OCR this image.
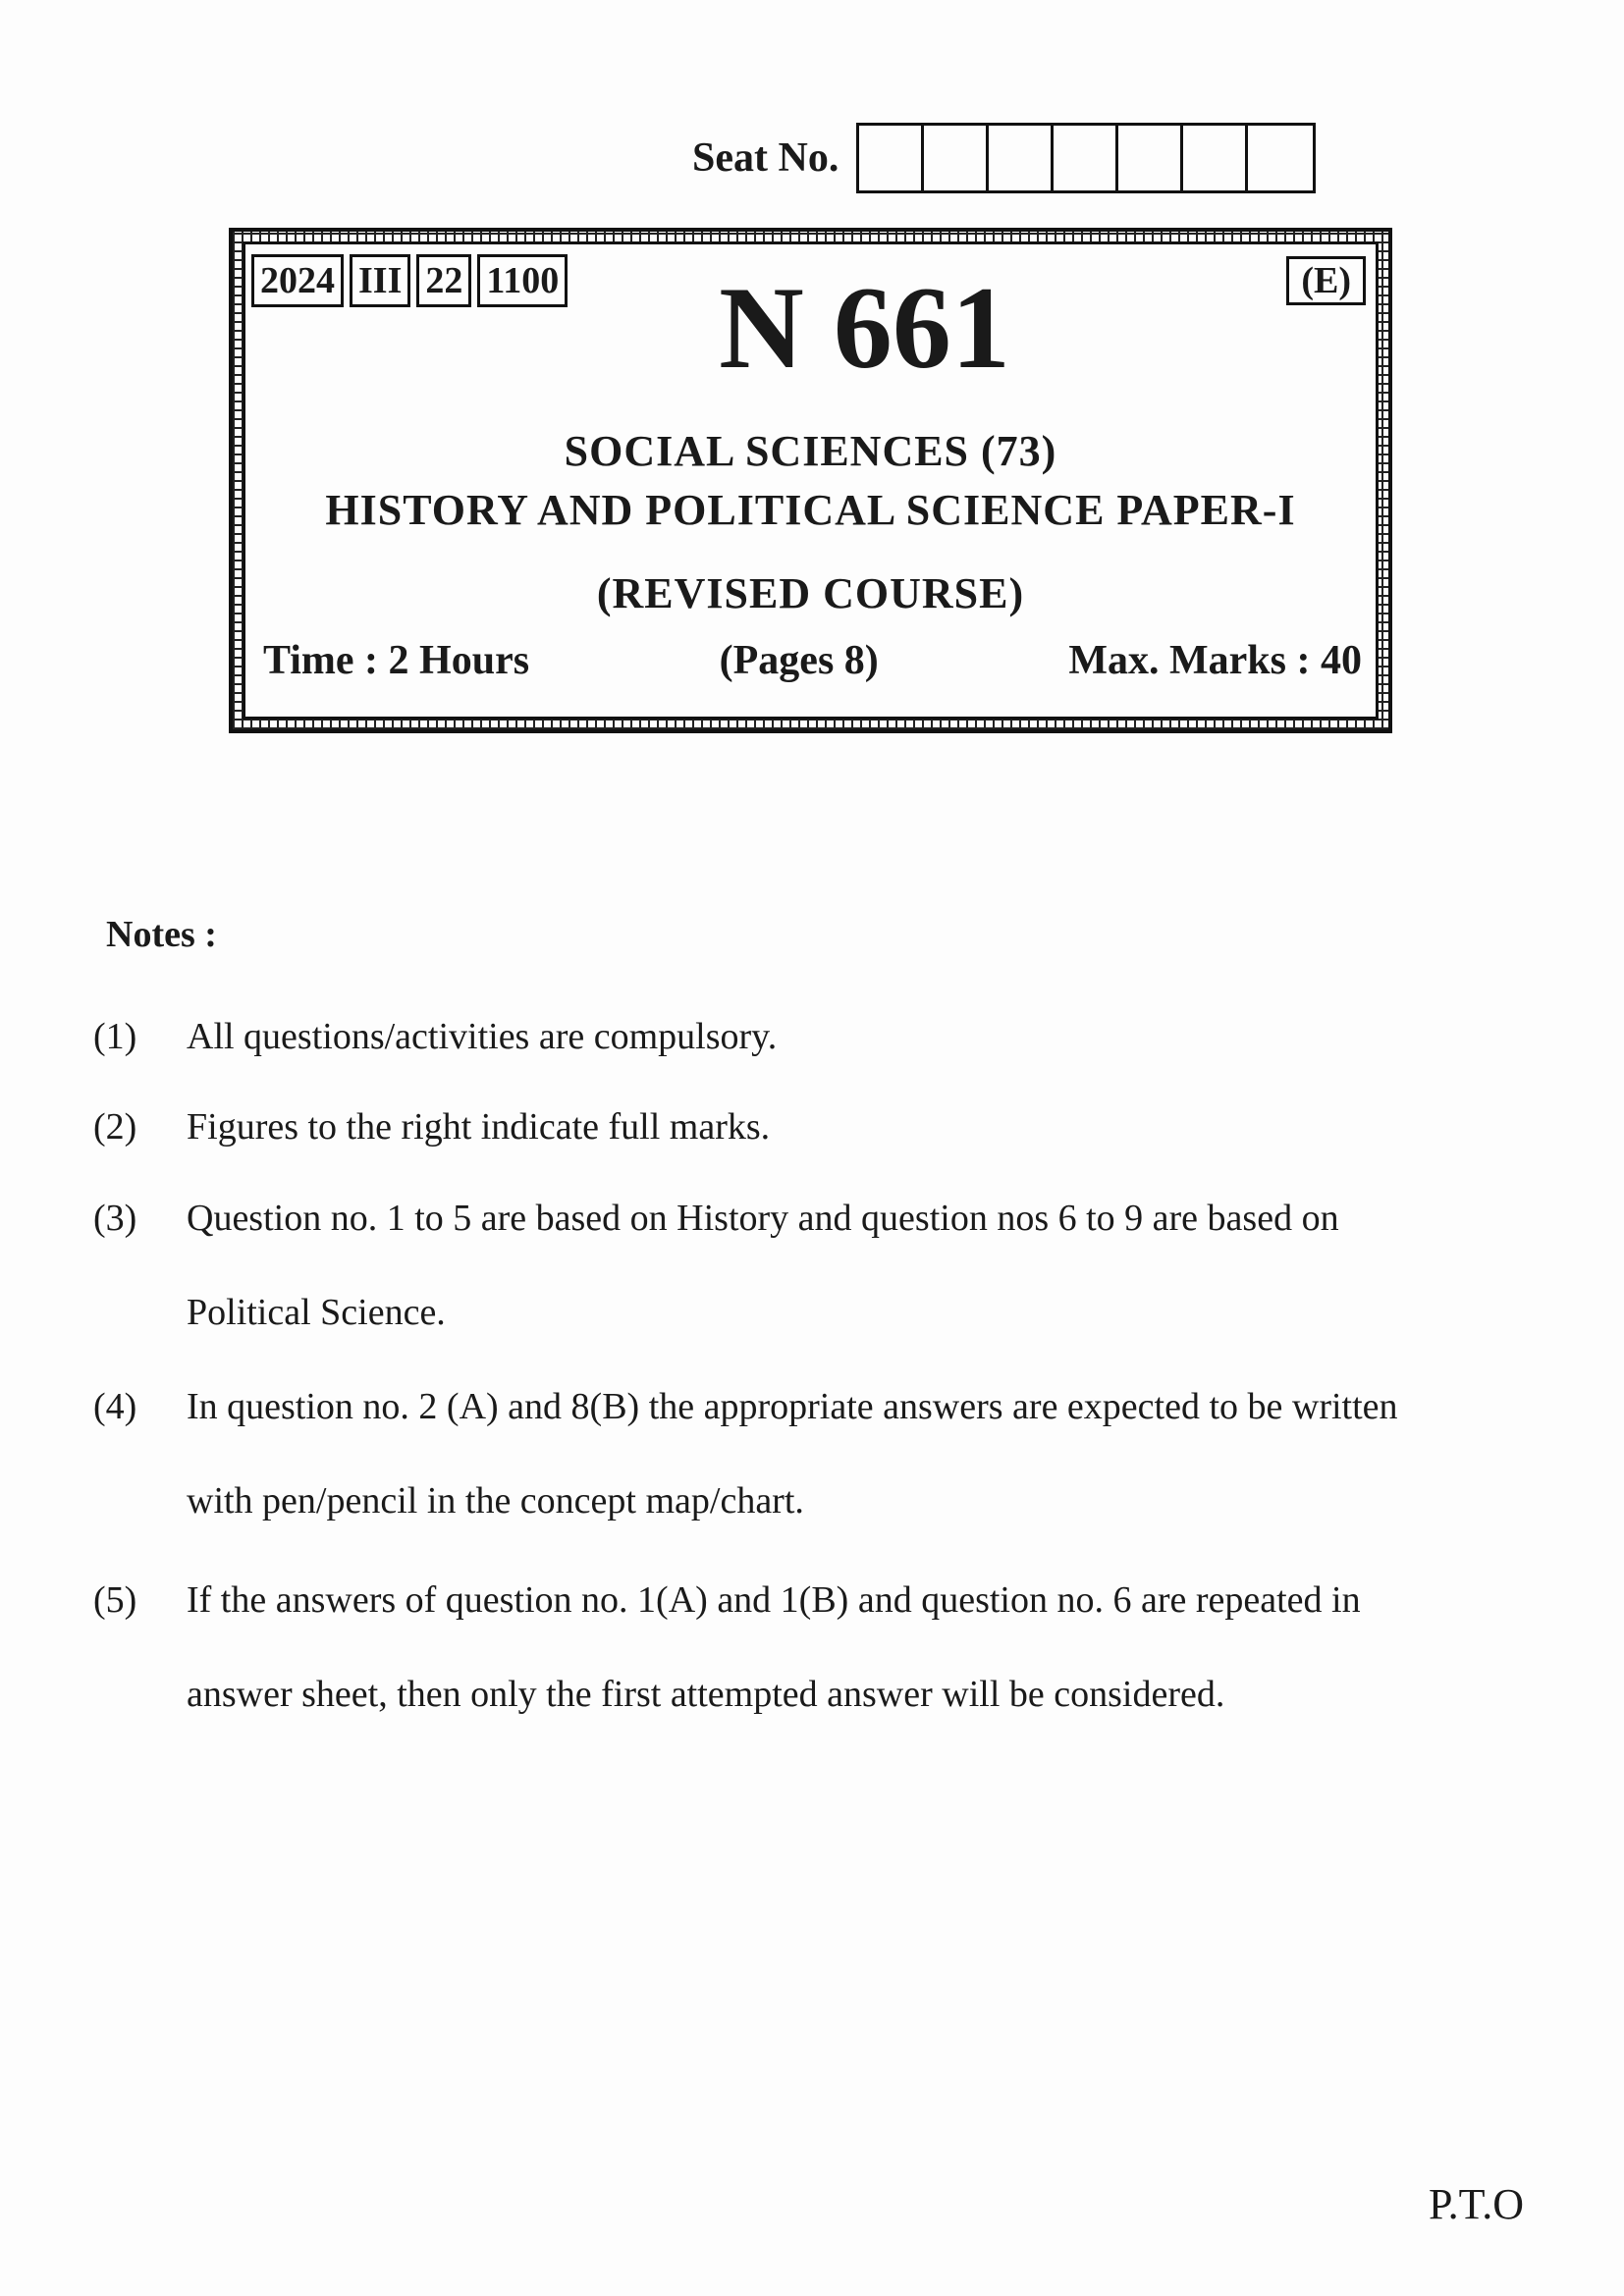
Seat No.
2024 III 22 1100	(E)
N 661
SOCIAL SCIENCES (73)
HISTORY AND POLITICAL SCIENCE PAPER-I
(REVISED COURSE)
Time : 2 Hours	(Pages 8)	Max. Marks : 40
Notes :
(1) All questions/activities are compulsory.
(2) Figures to the right indicate full marks.
(3) Question no. 1 to 5 are based on History and question nos 6 to 9 are based on Political Science.
(4) In question no. 2 (A) and 8(B) the appropriate answers are expected to be written with pen/pencil in the concept map/chart.
(5) If the answers of question no. 1(A) and 1(B) and question no. 6 are repeated in answer sheet, then only the first attempted answer will be considered.
P.T.O
